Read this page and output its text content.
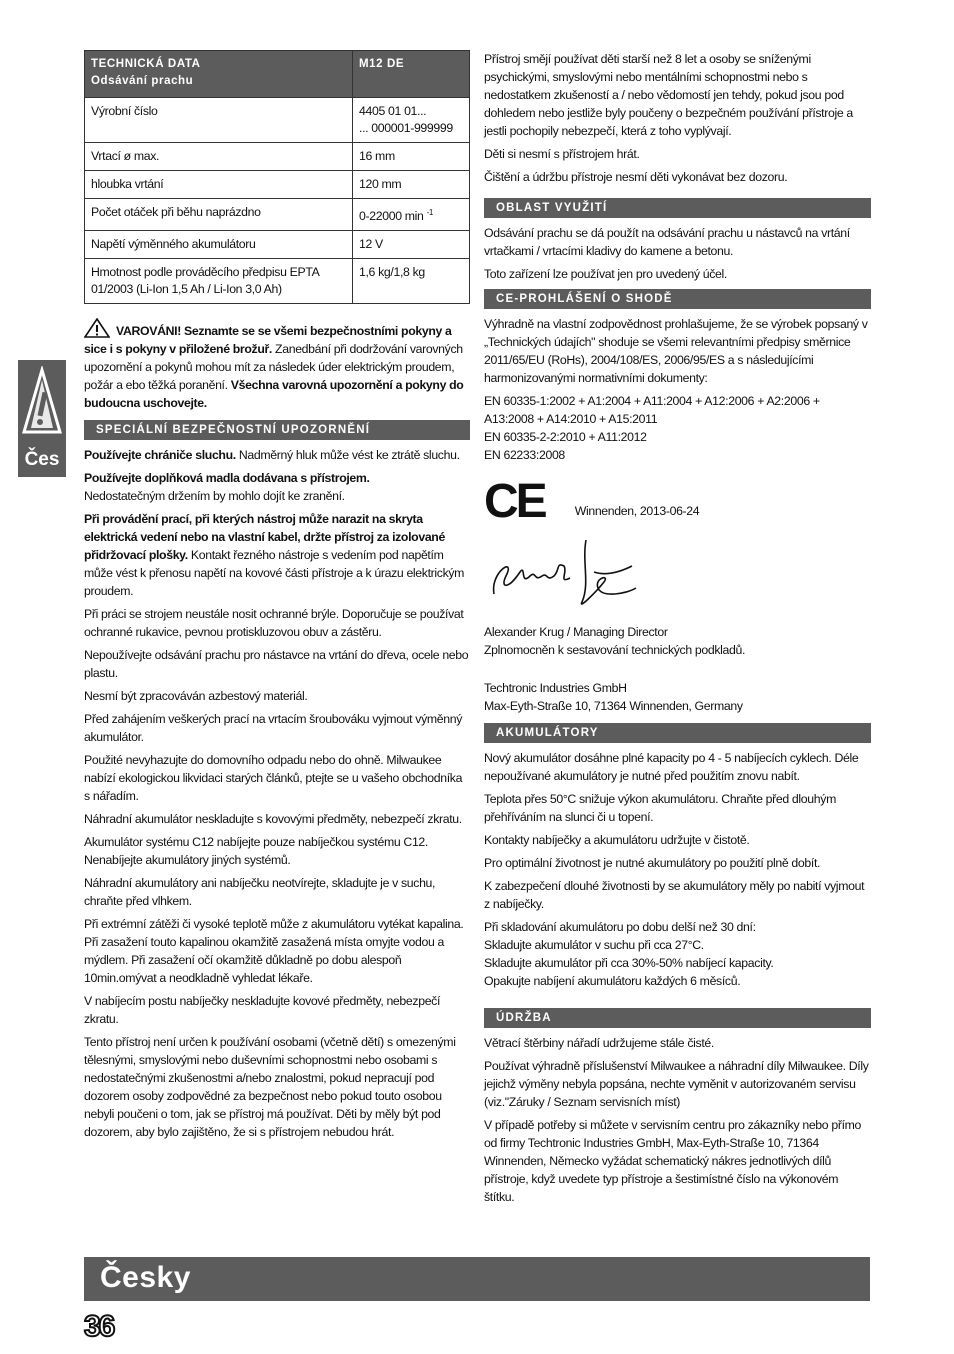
Čes
TECHNICKÁ DATA
Odsávání prachu	M12 DE
Výrobní číslo	4405 01 01...
... 000001-999999

Vrtací ø max.	16 mm
hloubka vrtání	120 mm
Počet otáček při běhu naprázdno	0-22000 min $^{-1}$
Napětí výměnného akumulátoru	12 V
Hmotnost podle prováděcího předpisu EPTA 01/2003 (Li-Ion 1,5 Ah / Li-Ion 3,0 Ah)	1,6 kg/1,8 kg

VAROVÁNI! Seznamte se se všemi bezpečnostními pokyny a sice i s pokyny v přiložené brožuř. Zanedbání při dodržování varovných upozornění a pokynů mohou mít za následek úder elektrickým proudem, požár a ebo těžká poranění. Všechna varovná upozornění a pokyny do budoucna uschovejte.

SPECIÁLNÍ BEZPEČNOSTNÍ UPOZORNĚNÍ

Používejte chrániče sluchu. Nadměrný hluk může vést ke ztrátě sluchu.

Používejte doplňková madla dodávana s přístrojem.
Nedostatečným držením by mohlo dojít ke zranění.

Při provádění prací, při kterých nástroj může narazit na skryta elektrická vedení nebo na vlastní kabel, držte přístroj za izolované přidržovací plošky. Kontakt řezného nástroje s vedením pod napětím může vést k přenosu napětí na kovové části přístroje a k úrazu elektrickým proudem.

Při práci se strojem neustále nosit ochranné brýle. Doporučuje se používat ochranné rukavice, pevnou protiskluzovou obuv a zástěru.

Nepoužívejte odsávání prachu pro nástavce na vrtání do dřeva, ocele nebo plastu.

Nesmí být zpracováván azbestový materiál.

Před zahájením veškerých prací na vrtacím šroubováku vyjmout výměnný akumulátor.

Použité nevyhazujte do domovního odpadu nebo do ohně. Milwaukee nabízí ekologickou likvidaci starých článků, ptejte se u vašeho obchodníka s nářadím.

Náhradní akumulátor neskladujte s kovovými předměty, nebezpečí zkratu.

Akumulátor systému C12 nabíjejte pouze nabíječkou systému C12. Nenabíjejte akumulátory jiných systémů.

Náhradní akumulátory ani nabíječku neotvírejte, skladujte je v suchu, chraňte před vlhkem.

Při extrémní zátěži či vysoké teplotě může z akumulátoru vytékat kapalina. Při zasažení touto kapalinou okamžitě zasažená místa omyjte vodou a mýdlem. Při zasažení očí okamžitě důkladně po dobu alespoň 10min.omývat a neodkladně vyhledat lékaře.

V nabíjecím postu nabíječky neskladujte kovové předměty, nebezpečí zkratu.

Tento přístroj není určen k používání osobami (včetně dětí) s omezenými tělesnými, smyslovými nebo duševními schopnostmi nebo osobami s nedostatečnými zkušenostmi a/nebo znalostmi, pokud nepracují pod dozorem osoby zodpovědné za bezpečnost nebo pokud touto osobou nebyli poučeni o tom, jak se přístroj má používat. Děti by měly být pod dozorem, aby bylo zajištěno, že si s přístrojem nebudou hrát.

Přístroj smějí používat děti starší než 8 let a osoby se sníženými psychickými, smyslovými nebo mentálními schopnostmi nebo s nedostatkem zkušeností a / nebo vědomostí jen tehdy, pokud jsou pod dohledem nebo jestliže byly poučeny o bezpečném používání přístroje a jestli pochopily nebezpečí, která z toho vyplývají.

Děti si nesmí s přístrojem hrát.

Čištění a údržbu přístroje nesmí děti vykonávat bez dozoru.

OBLAST VYUŽITÍ

Odsávání prachu se dá použít na odsávání prachu u nástavců na vrtání vrtačkami / vrtacími kladivy do kamene a betonu.

Toto zařízení lze používat jen pro uvedený účel.

CE-PROHLÁŠENÍ O SHODĚ

Výhradně na vlastní zodpovědnost prohlašujeme, že se výrobek popsaný v „Technických údajích" shoduje se všemi relevantními předpisy směrnice 2011/65/EU (RoHs), 2004/108/ES, 2006/95/ES a s následujícími harmonizovanými normativními dokumenty:

EN 60335-1:2002 + A1:2004 + A11:2004 + A12:2006 + A2:2006 + A13:2008 + A14:2010 + A15:2011
EN 60335-2-2:2010 + A11:2012
EN 62233:2008
CE Winnenden, 2013-06-24
Alexander Krug / Managing Director
Zplnomocněn k sestavování technických podkladů.
Techtronic Industries GmbH
Max-Eyth-Straße 10, 71364 Winnenden, Germany
AKUMULÁTORY

Nový akumulátor dosáhne plné kapacity po 4 - 5 nabíjecích cyklech. Déle nepoužívané akumulátory je nutné před použitím znovu nabít.

Teplota přes 50°C snižuje výkon akumulátoru. Chraňte před dlouhým přehříváním na slunci či u topení.

Kontakty nabíječky a akumulátoru udržujte v čistotě.

Pro optimální životnost je nutné akumulátory po použití plně dobít.

K zabezpečení dlouhé životnosti by se akumulátory měly po nabití vyjmout z nabíječky.

Při skladování akumulátoru po dobu delší než 30 dní:
Skladujte akumulátor v suchu při cca 27°C.
Skladujte akumulátor při cca 30%-50% nabíjecí kapacity.
Opakujte nabíjení akumulátoru každých 6 měsíců.
ÚDRŽBA

Větrací štěrbiny nářadí udržujeme stále čisté.

Používat výhradně příslušenství Milwaukee a náhradní díly Milwaukee. Díly jejichž výměny nebyla popsána, nechte vyměnit v autorizovaném servisu (viz."Záruky / Seznam servisních míst)

V případě potřeby si můžete v servisním centru pro zákazníky nebo přímo od firmy Techtronic Industries GmbH, Max-Eyth-Straße 10, 71364 Winnenden, Německo vyžádat schematický nákres jednotlivých dílů přístroje, když uvedete typ přístroje a šestimístné číslo na výkonovém štítku.

Česky
36
